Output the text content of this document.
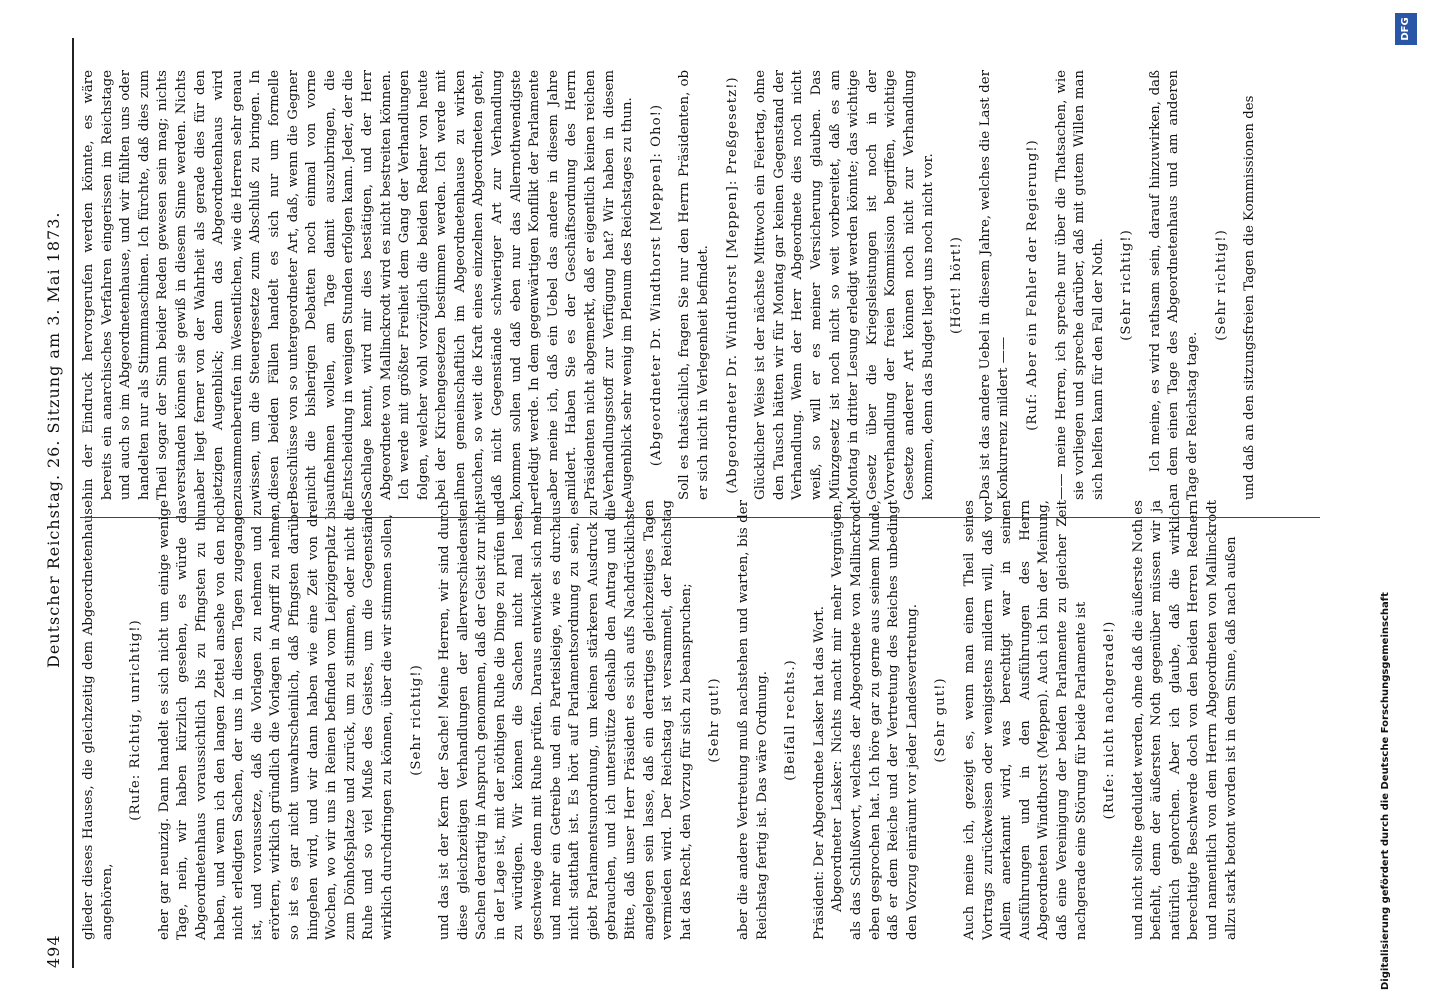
494
Deutscher Reichstag.
26. Sitzung am 3. Mai 1873.

glieder dieses Hauses, die gleichzeitig dem Abgeordnetenhause angehören,

(Rufe: Richtig, unrichtig!) eher gar neunzig. Dann handelt es sich nicht um einige wenige Tage, nein, wir haben kürzlich gesehen, es würde das Abgeordnetenhaus voraussichtlich bis zu Pfingsten zu thun haben, und wenn ich den langen Zettel ansehe von den noch nicht erledigten Sachen, der uns in diesen Tagen zugegangen ist, und voraussetze, daß die Vorlagen zu nehmen und zu erörtern, wirklich gründlich die Vorlagen in Angriff zu nehmen, so ist es gar nicht unwahrscheinlich, daß Pfingsten darüber hingehen wird, und wir dann haben wie eine Zeit von drei Wochen, wo wir uns in Reinen befinden vom Leipzigerplatz bis zum Dönhofsplatze und zurück, um zu stimmen, oder nicht die Ruhe und so viel Muße des Geistes, um die Gegenstände wirklich durchdringen zu können, über die wir stimmen sollen, (Sehr richtig!) und das ist der Kern der Sache! Meine Herren, wir sind durch diese gleichzeitigen Verhandlungen der allerverschiedensten Sachen derartig in Anspruch genommen, daß der Geist zur nicht in der Lage ist, mit der nöthigen Ruhe die Dinge zu prüfen und zu würdigen. Wir können die Sachen nicht mal lesen, geschweige denn mit Ruhe prüfen. Daraus entwickelt sich mehr und mehr ein Getreibe und ein Parteisleige, wie es durchaus nicht statthaft ist. Es hört auf Parlamentsordnung zu sein, es giebt Parlamentsunordnung, um keinen stärkeren Ausdruck zu gebrauchen, und ich unterstütze deshalb den Antrag und die Bitte, daß unser Herr Präsident es sich aufs Nachdrücklichste angelegen sein lasse, daß ein derartiges gleichzeitiges Tagen vermieden wird. Der Reichstag ist versammelt, der Reichstag hat das Recht, den Vorzug für sich zu beanspruchen; (Sehr gut!) aber die andere Vertretung muß nachstehen und warten, bis der Reichstag fertig ist. Das wäre Ordnung. (Beifall rechts.) Präsident: Der Abgeordnete Lasker hat das Wort. Abgeordneter Lasker: Nichts macht mir mehr Vergnügen, als das Schlußwort, welches der Abgeordnete von Mallinckrodt eben gesprochen hat. Ich höre gar zu gerne aus seinem Munde, daß er dem Reiche und der Vertretung des Reiches unbedingt den Vorzug einräumt vor jeder Landesvertretung. (Sehr gut!) Auch meine ich, gezeigt es, wenn man einen Theil seines Vortrags zurückweisen oder wenigstens mildern will, daß vor Allem anerkannt wird, was berechtigt war in seinen Ausführungen und in den Ausführungen des Herrn Abgeordneten Windthorst (Meppen). Auch ich bin der Meinung, daß eine Vereinigung der beiden Parlamente zu gleicher Zeit nachgerade eine Störung für beide Parlamente ist (Rufe: nicht nachgerade!) und nicht sollte geduldet werden, ohne daß die äußerste Noth es befiehlt, denn der äußersten Noth gegenüber müssen wir ja natürlich gehorchen. Aber ich glaube, daß die wirklich berechtigte Beschwerde doch von den beiden Herren Rednern und namentlich von dem Herrn Abgeordneten von Mallinckrodt allzu stark betont worden ist in dem Sinne, daß nach außen

hin der Eindruck hervorgerufen werden könnte, es wäre bereits ein anarchisches Verfahren eingerissen im Reichstage und auch so im Abgeordnetenhause, und wir fühlten uns oder handelten nur als Stimmmaschinen. Ich fürchte, daß dies zum Theil sogar der Sinn beider Reden gewesen sein mag; nichts verstanden können sie gewiß in diesem Sinne werden. Nichts aber liegt ferner von der Wahrheit als gerade dies für den jetzigen Augenblick; denn das Abgeordnetenhaus wird zusammenberufen im Wesentlichen, wie die Herren sehr genau wissen, um die Steuergesetze zum Abschluß zu bringen. In diesen beiden Fällen handelt es sich nur um formelle Beschlüsse von so untergeordneter Art, daß, wenn die Gegner nicht die bisherigen Debatten noch einmal von vorne aufnehmen wollen, am Tage damit auszubringen, die Entscheidung in wenigen Stunden erfolgen kann. Jeder, der die Sachlage kennt, wird mir dies bestätigen, und der Herr Abgeordnete von Mallinckrodt wird es nicht bestreiten können. Ich werde mit größter Freiheit dem Gang der Verhandlungen folgen, welcher wohl vorzüglich die beiden Redner von heute bei der Kirchengesetzen bestimmen werden. Ich werde mit ihnen gemeinschaftlich im Abgeordnetenhause zu wirken suchen, so weit die Kraft eines einzelnen Abgeordneten geht, daß nicht Gegenstände schwieriger Art zur Verhandlung kommen sollen und daß eben nur das Allernothwendigste erledigt werde. In dem gegenwärtigen Konflikt der Parlamente aber meine ich, daß ein Uebel das andere in diesem Jahre mildert. Haben Sie es der Geschäftsordnung des Herrn Präsidenten nicht abgemerkt, daß er eigentlich keinen reichen Verhandlungsstoff zur Verfügung hat? Wir haben in diesem Augenblick sehr wenig im Plenum des Reichstages zu thun. (Abgeordneter Dr. Windthorst [Meppen]: Oho!) Soll es thatsächlich, fragen Sie nur den Herrn Präsidenten, ob er sich nicht in Verlegenheit befindet. (Abgeordneter Dr. Windthorst [Meppen]: Preßgesetz!) Glücklicher Weise ist der nächste Mittwoch ein Feiertag, ohne den Tausch hätten wir für Montag gar keinen Gegenstand der Verhandlung. Wenn der Herr Abgeordnete dies noch nicht weiß, so will er es meiner Versicherung glauben. Das Münzgesetz ist noch nicht so weit vorbereitet, daß es am Montag in dritter Lesung erledigt werden könnte; das wichtige Gesetz über die Kriegsleistungen ist noch in der Vorverhandlung der freien Kommission begriffen, wichtige Gesetze anderer Art können noch nicht zur Verhandlung kommen, denn das Budget liegt uns noch nicht vor. (Hört! hört!) Das ist das andere Uebel in diesem Jahre, welches die Last der Konkurrenz mildert —— (Ruf: Aber ein Fehler der Regierung!) —— meine Herren, ich spreche nur über die Thatsachen, wie sie vorliegen und spreche darüber, daß mit gutem Willen man sich helfen kann für den Fall der Noth. (Sehr richtig!) Ich meine, es wird rathsam sein, darauf hinzuwirken, daß an dem einen Tage des Abgeordnetenhaus und am anderen Tage der Reichstag tage.

(Sehr richtig!) und daß an den sitzungsfreien Tagen die Kommissionen des

Digitalisierung gefördert durch die Deutsche Forschungsgemeinschaft
DFG
